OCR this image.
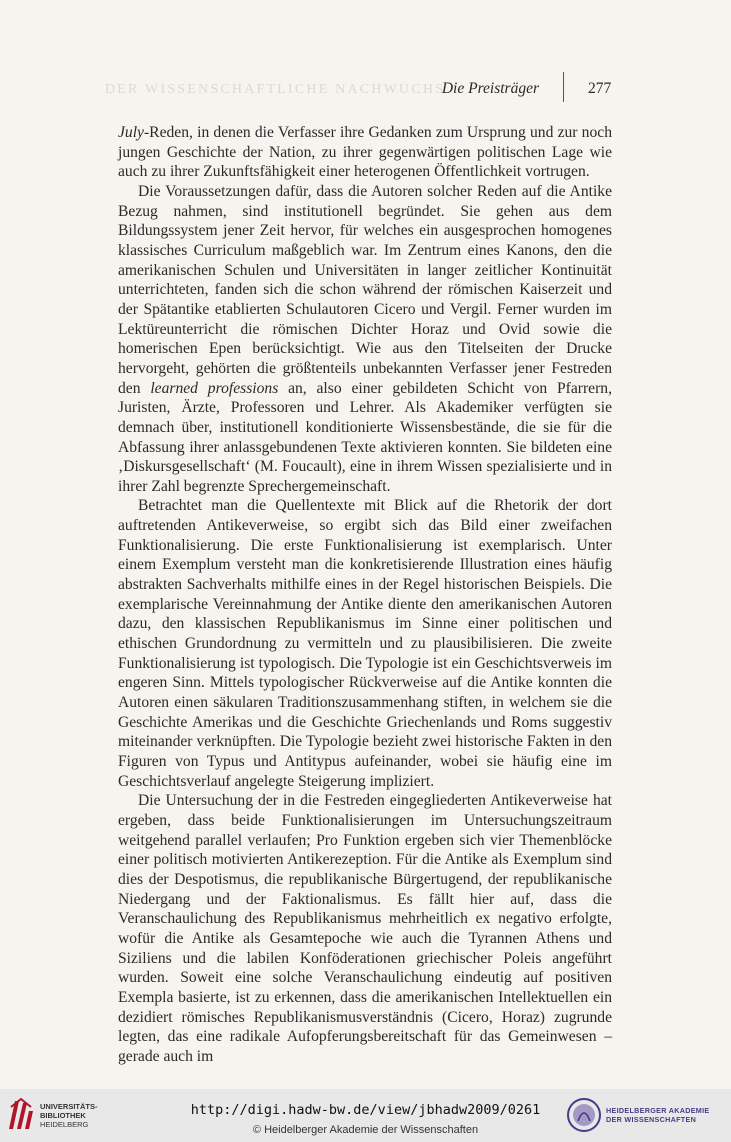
DER WISSENSCHAFTLICHE NACHWUCHS
Die Preisträger	277

July-Reden, in denen die Verfasser ihre Gedanken zum Ursprung und zur noch jungen Geschichte der Nation, zu ihrer gegenwärtigen politischen Lage wie auch zu ihrer Zukunftsfähigkeit einer heterogenen Öffentlichkeit vortrugen.

Die Voraussetzungen dafür, dass die Autoren solcher Reden auf die Antike Bezug nahmen, sind institutionell begründet. Sie gehen aus dem Bildungssystem jener Zeit hervor, für welches ein ausgesprochen homogenes klassisches Curriculum maßgeblich war. Im Zentrum eines Kanons, den die amerikanischen Schulen und Universitäten in langer zeitlicher Kontinuität unterrichteten, fanden sich die schon während der römischen Kaiserzeit und der Spätantike etablierten Schulautoren Cicero und Vergil. Ferner wurden im Lektüreunterricht die römischen Dichter Horaz und Ovid sowie die homerischen Epen berücksichtigt. Wie aus den Titelseiten der Drucke hervorgeht, gehörten die größtenteils unbekannten Verfasser jener Festreden den learned professions an, also einer gebildeten Schicht von Pfarrern, Juristen, Ärzte, Professoren und Lehrer. Als Akademiker verfügten sie demnach über, institutionell konditionierte Wissensbestände, die sie für die Abfassung ihrer anlassgebundenen Texte aktivieren konnten. Sie bildeten eine ‚Diskursgesellschaft‘ (M. Foucault), eine in ihrem Wissen spezialisierte und in ihrer Zahl begrenzte Sprechergemeinschaft.

Betrachtet man die Quellentexte mit Blick auf die Rhetorik der dort auftretenden Antikeverweise, so ergibt sich das Bild einer zweifachen Funktionalisierung. Die erste Funktionalisierung ist exemplarisch. Unter einem Exemplum versteht man die konkretisierende Illustration eines häufig abstrakten Sachverhalts mithilfe eines in der Regel historischen Beispiels. Die exemplarische Vereinnahmung der Antike diente den amerikanischen Autoren dazu, den klassischen Republikanismus im Sinne einer politischen und ethischen Grundordnung zu vermitteln und zu plausibilisieren. Die zweite Funktionalisierung ist typologisch. Die Typologie ist ein Geschichtsverweis im engeren Sinn. Mittels typologischer Rückverweise auf die Antike konnten die Autoren einen säkularen Traditionszusammenhang stiften, in welchem sie die Geschichte Amerikas und die Geschichte Griechenlands und Roms suggestiv miteinander verknüpften. Die Typologie bezieht zwei historische Fakten in den Figuren von Typus und Antitypus aufeinander, wobei sie häufig eine im Geschichtsverlauf angelegte Steigerung impliziert.

Die Untersuchung der in die Festreden eingegliederten Antikeverweise hat ergeben, dass beide Funktionalisierungen im Untersuchungszeitraum weitgehend parallel verlaufen; Pro Funktion ergeben sich vier Themenblöcke einer politisch motivierten Antikerezeption. Für die Antike als Exemplum sind dies der Despotismus, die republikanische Bürgertugend, der republikanische Niedergang und der Faktionalismus. Es fällt hier auf, dass die Veranschaulichung des Republikanismus mehrheitlich ex negativo erfolgte, wofür die Antike als Gesamtepoche wie auch die Tyrannen Athens und Siziliens und die labilen Konföderationen griechischer Poleis angeführt wurden. Soweit eine solche Veranschaulichung eindeutig auf positiven Exempla basierte, ist zu erkennen, dass die amerikanischen Intellektuellen ein dezidiert römisches Republikanismusverständnis (Cicero, Horaz) zugrunde legten, das eine radikale Aufopferungsbereitschaft für das Gemeinwesen – gerade auch im

UNIVERSITÄTS-
BIBLIOTHEK
HEIDELBERG
http://digi.hadw-bw.de/view/jbhadw2009/0261
© Heidelberger Akademie der Wissenschaften
HEIDELBERGER AKADEMIE
DER WISSENSCHAFTEN
